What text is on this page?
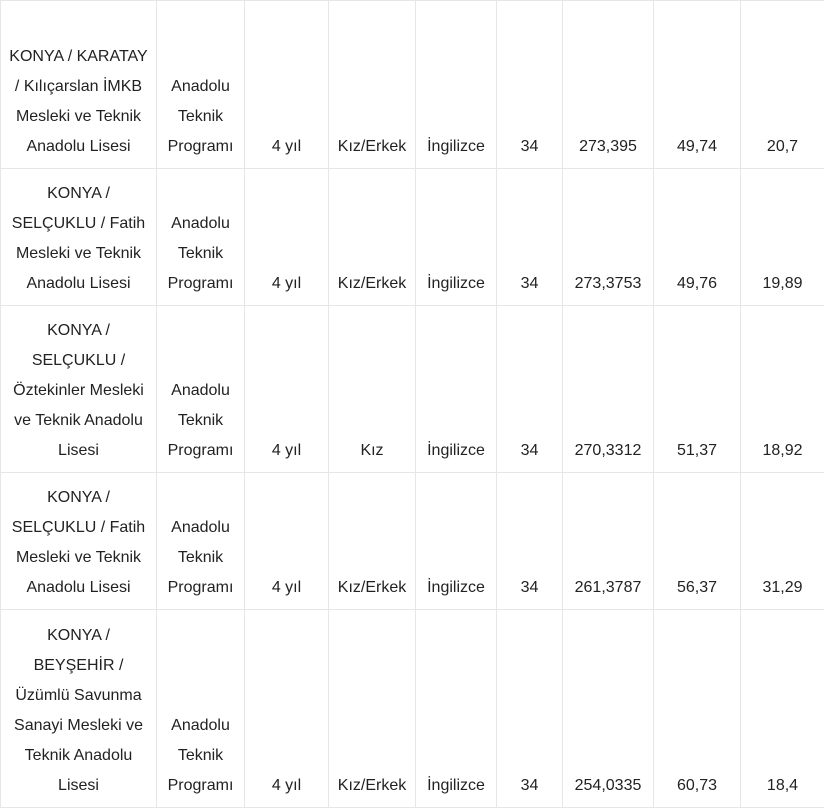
KONYA / KARATAY / Kılıçarslan İMKB Mesleki ve Teknik Anadolu Lisesi	Anadolu Teknik Programı	4 yıl	Kız/Erkek	İngilizce	34	273,395	49,74	20,7
KONYA / SELÇUKLU / Fatih Mesleki ve Teknik Anadolu Lisesi	Anadolu Teknik Programı	4 yıl	Kız/Erkek	İngilizce	34	273,3753	49,76	19,89
KONYA / SELÇUKLU / Öztekinler Mesleki ve Teknik Anadolu Lisesi	Anadolu Teknik Programı	4 yıl	Kız	İngilizce	34	270,3312	51,37	18,92
KONYA / SELÇUKLU / Fatih Mesleki ve Teknik Anadolu Lisesi	Anadolu Teknik Programı	4 yıl	Kız/Erkek	İngilizce	34	261,3787	56,37	31,29
KONYA / BEYŞEHİR / Üzümlü Savunma Sanayi Mesleki ve Teknik Anadolu Lisesi	Anadolu Teknik Programı	4 yıl	Kız/Erkek	İngilizce	34	254,0335	60,73	18,4
